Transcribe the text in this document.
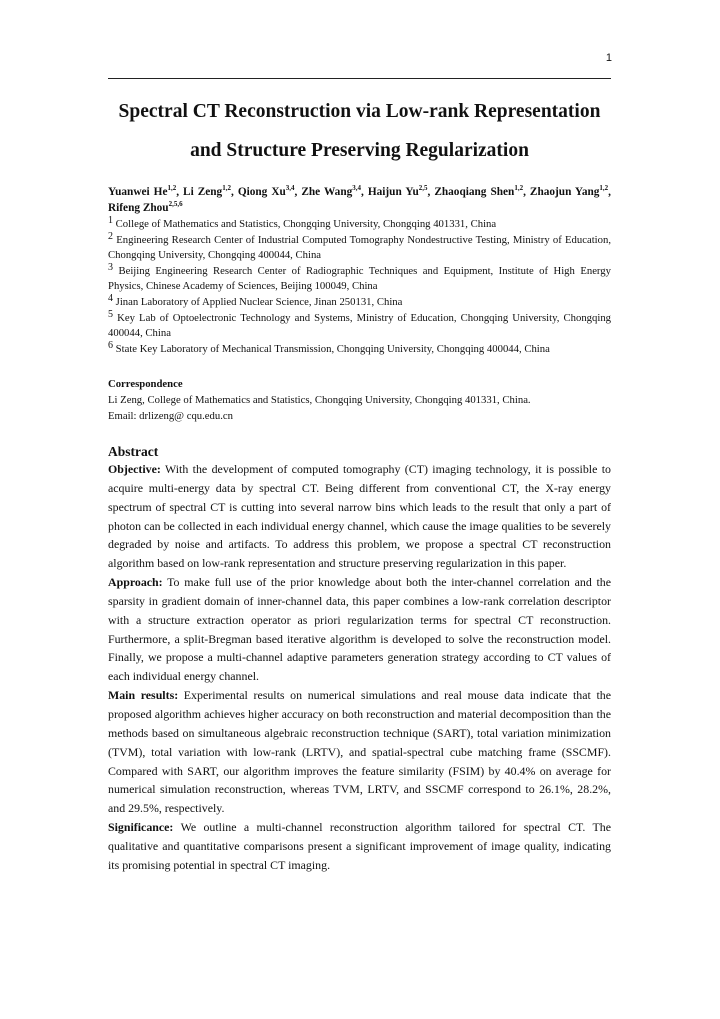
1
Spectral CT Reconstruction via Low-rank Representation
and Structure Preserving Regularization
Yuanwei He$^{1,2}$, Li Zeng$^{1,2}$, Qiong Xu$^{3,4}$, Zhe Wang$^{3,4}$, Haijun Yu$^{2,5}$, Zhaoqiang Shen$^{1,2}$, Zhaojun Yang$^{1,2}$, Rifeng Zhou$^{2,5,6}$
$^1$ College of Mathematics and Statistics, Chongqing University, Chongqing 401331, China
$^2$ Engineering Research Center of Industrial Computed Tomography Nondestructive Testing, Ministry of Education, Chongqing University, Chongqing 400044, China
$^3$ Beijing Engineering Research Center of Radiographic Techniques and Equipment, Institute of High Energy Physics, Chinese Academy of Sciences, Beijing 100049, China
$^4$ Jinan Laboratory of Applied Nuclear Science, Jinan 250131, China
$^5$ Key Lab of Optoelectronic Technology and Systems, Ministry of Education, Chongqing University, Chongqing 400044, China
$^6$ State Key Laboratory of Mechanical Transmission, Chongqing University, Chongqing 400044, China
Correspondence
Li Zeng, College of Mathematics and Statistics, Chongqing University, Chongqing 401331, China.
Email: drlizeng@ cqu.edu.cn
Abstract
Objective: With the development of computed tomography (CT) imaging technology, it is possible to acquire multi-energy data by spectral CT. Being different from conventional CT, the X-ray energy spectrum of spectral CT is cutting into several narrow bins which leads to the result that only a part of photon can be collected in each individual energy channel, which cause the image qualities to be severely degraded by noise and artifacts. To address this problem, we propose a spectral CT reconstruction algorithm based on low-rank representation and structure preserving regularization in this paper.
Approach: To make full use of the prior knowledge about both the inter-channel correlation and the sparsity in gradient domain of inner-channel data, this paper combines a low-rank correlation descriptor with a structure extraction operator as priori regularization terms for spectral CT reconstruction. Furthermore, a split-Bregman based iterative algorithm is developed to solve the reconstruction model. Finally, we propose a multi-channel adaptive parameters generation strategy according to CT values of each individual energy channel.
Main results: Experimental results on numerical simulations and real mouse data indicate that the proposed algorithm achieves higher accuracy on both reconstruction and material decomposition than the methods based on simultaneous algebraic reconstruction technique (SART), total variation minimization (TVM), total variation with low-rank (LRTV), and spatial-spectral cube matching frame (SSCMF). Compared with SART, our algorithm improves the feature similarity (FSIM) by 40.4% on average for numerical simulation reconstruction, whereas TVM, LRTV, and SSCMF correspond to 26.1%, 28.2%, and 29.5%, respectively.
Significance: We outline a multi-channel reconstruction algorithm tailored for spectral CT. The qualitative and quantitative comparisons present a significant improvement of image quality, indicating its promising potential in spectral CT imaging.
